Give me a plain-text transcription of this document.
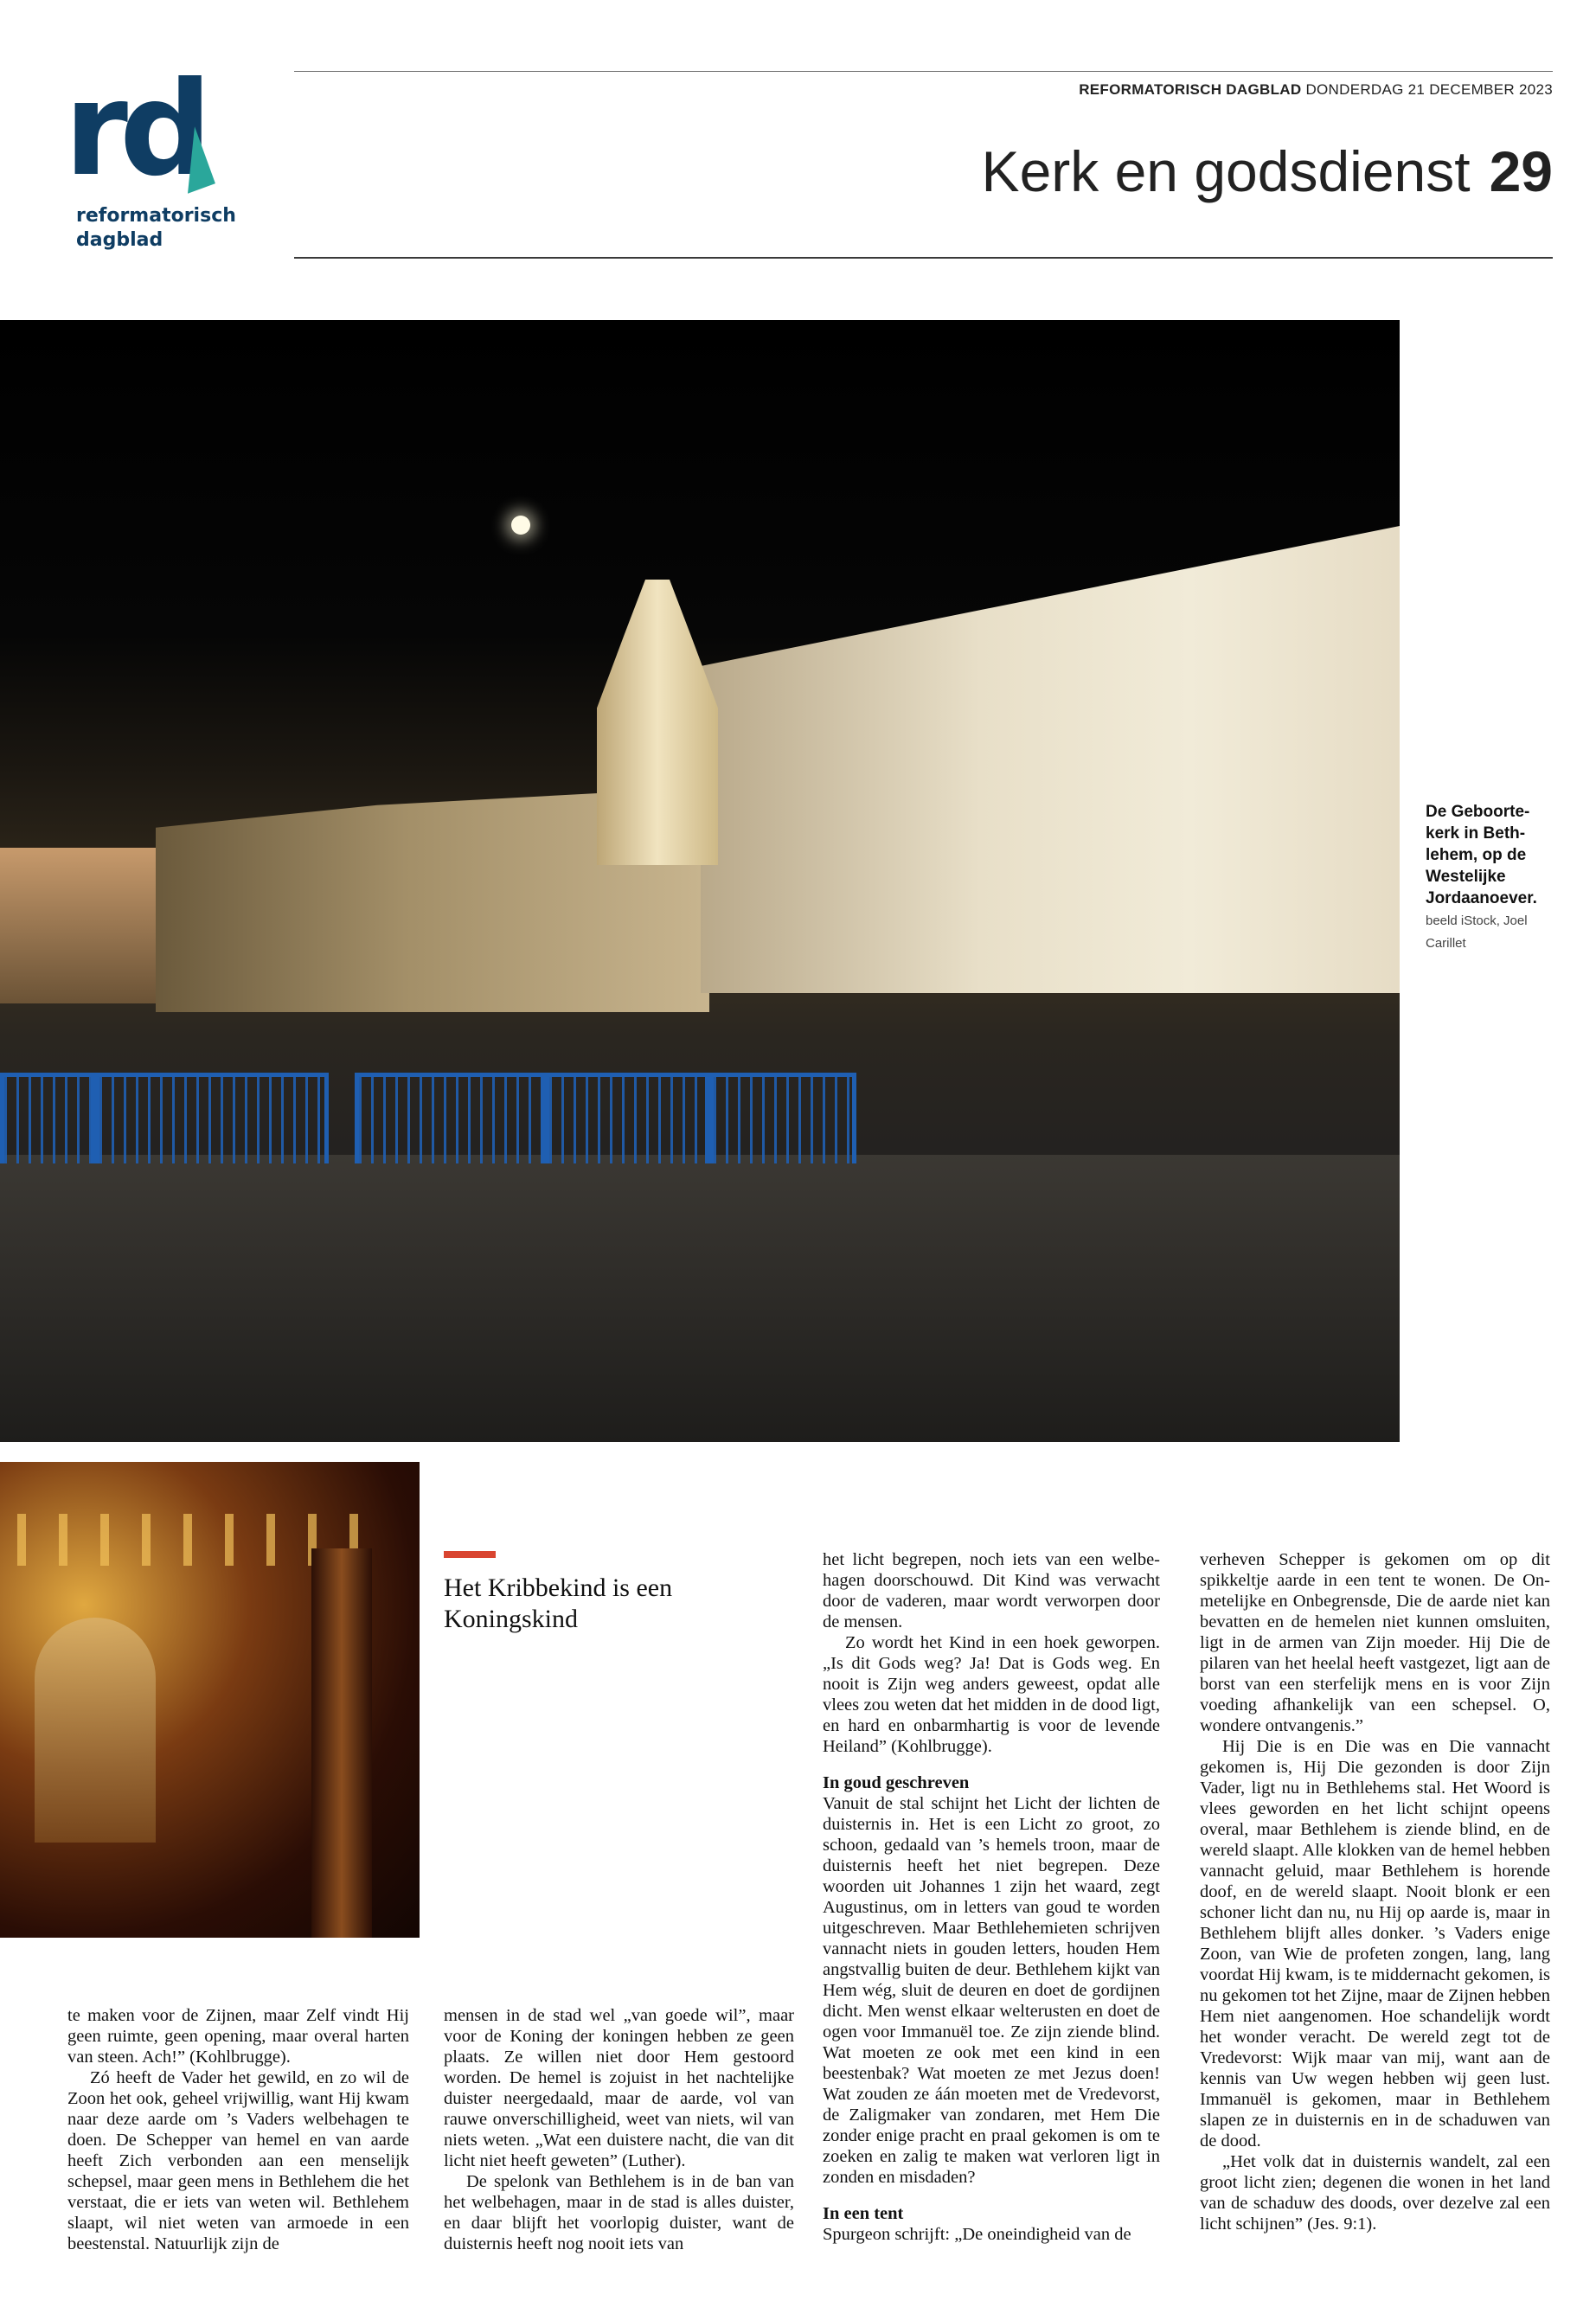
rd
reformatorisch
dagblad
REFORMATORISCH DAGBLAD DONDERDAG 21 DECEMBER 2023
Kerk en godsdienst 29
De Geboortekerk in Bethlehem, op de Westelijke Jordaanoever. beeld iStock, Joel Carillet
Het Kribbekind is een Koningskind

het licht begrepen, noch iets van een welbehagen doorschouwd. Dit Kind was verwacht door de vaderen, maar wordt verworpen door de mensen.

Zo wordt het Kind in een hoek geworpen. „Is dit Gods weg? Ja! Dat is Gods weg. En nooit is Zijn weg anders geweest, opdat alle vlees zou weten dat het midden in de dood ligt, en hard en onbarmhartig is voor de levende Heiland” (Kohlbrugge).

In goud geschreven

Vanuit de stal schijnt het Licht der lichten de duisternis in. Het is een Licht zo groot, zo schoon, gedaald van ’s hemels troon, maar de duisternis heeft het niet begrepen. Deze woorden uit Johannes 1 zijn het waard, zegt Augustinus, om in letters van goud te worden uitgeschreven. Maar Bethlehemieten schrijven vannacht niets in gouden letters, houden Hem angstvallig buiten de deur. Bethlehem kijkt van Hem wég, sluit de deuren en doet de gordijnen dicht. Men wenst elkaar welterusten en doet de ogen voor Immanuël toe. Ze zijn ziende blind. Wat moeten ze ook met een kind in een beestenbak? Wat moeten ze met Jezus doen! Wat zouden ze áán moeten met de Vredevorst, de Zaligmaker van zondaren, met Hem Die zonder enige pracht en praal gekomen is om te zoeken en zalig te maken wat verloren ligt in zonden en misdaden?

In een tent

Spurgeon schrijft: „De oneindigheid van de

verheven Schepper is gekomen om op dit spikkeltje aarde in een tent te wonen. De Onmetelijke en Onbegrensde, Die de aarde niet kan bevatten en de hemelen niet kunnen omsluiten, ligt in de armen van Zijn moeder. Hij Die de pilaren van het heelal heeft vastgezet, ligt aan de borst van een sterfelijk mens en is voor Zijn voeding afhankelijk van een schepsel. O, wondere ontvangenis.”

Hij Die is en Die was en Die vannacht gekomen is, Hij Die gezonden is door Zijn Vader, ligt nu in Bethlehems stal. Het Woord is vlees geworden en het licht schijnt opeens overal, maar Bethlehem is ziende blind, en de wereld slaapt. Alle klokken van de hemel hebben vannacht geluid, maar Bethlehem is horende doof, en de wereld slaapt. Nooit blonk er een schoner licht dan nu, nu Hij op aarde is, maar in Bethlehem blijft alles donker. ’s Vaders enige Zoon, van Wie de profeten zongen, lang, lang voordat Hij kwam, is te middernacht gekomen, is nu gekomen tot het Zijne, maar de Zijnen hebben Hem niet aangenomen. Hoe schandelijk wordt het wonder veracht. De wereld zegt tot de Vredevorst: Wijk maar van mij, want aan de kennis van Uw wegen hebben wij geen lust. Immanuël is gekomen, maar in Bethlehem slapen ze in duisternis en in de schaduwen van de dood.

„Het volk dat in duisternis wandelt, zal een groot licht zien; degenen die wonen in het land van de schaduw des doods, over dezelve zal een licht schijnen” (Jes. 9:1).

te maken voor de Zijnen, maar Zelf vindt Hij geen ruimte, geen opening, maar overal harten van steen. Ach!” (Kohlbrugge).

Zó heeft de Vader het gewild, en zo wil de Zoon het ook, geheel vrijwillig, want Hij kwam naar deze aarde om ’s Vaders welbehagen te doen. De Schepper van hemel en van aarde heeft Zich verbonden aan een menselijk schepsel, maar geen mens in Bethlehem die het verstaat, die er iets van weten wil. Bethlehem slaapt, wil niet weten van armoede in een beestenstal. Natuurlijk zijn de

mensen in de stad wel „van goede wil”, maar voor de Koning der koningen hebben ze geen plaats. Ze willen niet door Hem gestoord worden. De hemel is zojuist in het nachtelijke duister neergedaald, maar de aarde, vol van rauwe onverschilligheid, weet van niets, wil van niets weten. „Wat een duistere nacht, die van dit licht niet heeft geweten” (Luther).

De spelonk van Bethlehem is in de ban van het welbehagen, maar in de stad is alles duister, en daar blijft het voorlopig duister, want de duisternis heeft nog nooit iets van
